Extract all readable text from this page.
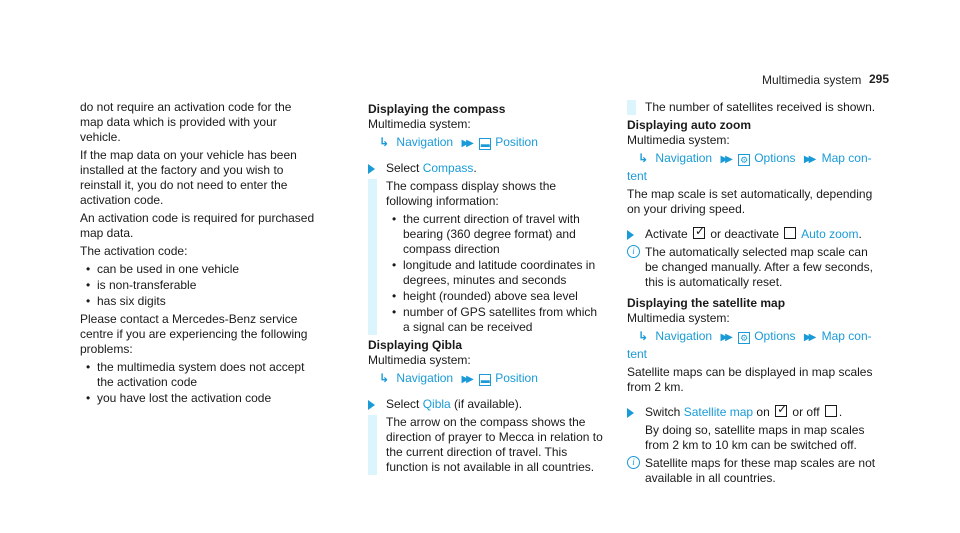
Multimedia system 295

do not require an activation code for the map data which is provided with your vehicle.

If the map data on your vehicle has been installed at the factory and you wish to reinstall it, you do not need to enter the activation code.

An activation code is required for purchased map data.

The activation code:

• can be used in one vehicle
• is non-transferable
• has six digits

Please contact a Mercedes-Benz service centre if you are experiencing the following problems:

• the multimedia system does not accept the activation code
• you have lost the activation code

Displaying the compass

Multimedia system:

↳ Navigation ▶▶ ▬ Position
Select Compass.

The compass display shows the following information:

• the current direction of travel with bearing (360 degree format) and compass direction
• longitude and latitude coordinates in degrees, minutes and seconds
• height (rounded) above sea level
• number of GPS satellites from which a signal can be received

Displaying Qibla

Multimedia system:

↳ Navigation ▶▶ ▬ Position
Select Qibla (if available).

The arrow on the compass shows the direction of prayer to Mecca in relation to the current direction of travel. This function is not available in all countries.

The number of satellites received is shown.

Displaying auto zoom

Multimedia system:

↳ Navigation ▶▶ ⚙ Options ▶▶ Map con-

tent

The map scale is set automatically, depending on your driving speed.

Activate ✓ or deactivate  Auto zoom.
i The automatically selected map scale can be changed manually. After a few seconds, this is automatically reset.

Displaying the satellite map

Multimedia system:

↳ Navigation ▶▶ ⚙ Options ▶▶ Map con-

tent

Satellite maps can be displayed in map scales from 2 km.

Switch Satellite map on ✓ or off .

By doing so, satellite maps in map scales from 2 km to 10 km can be switched off.

i Satellite maps for these map scales are not available in all countries.
